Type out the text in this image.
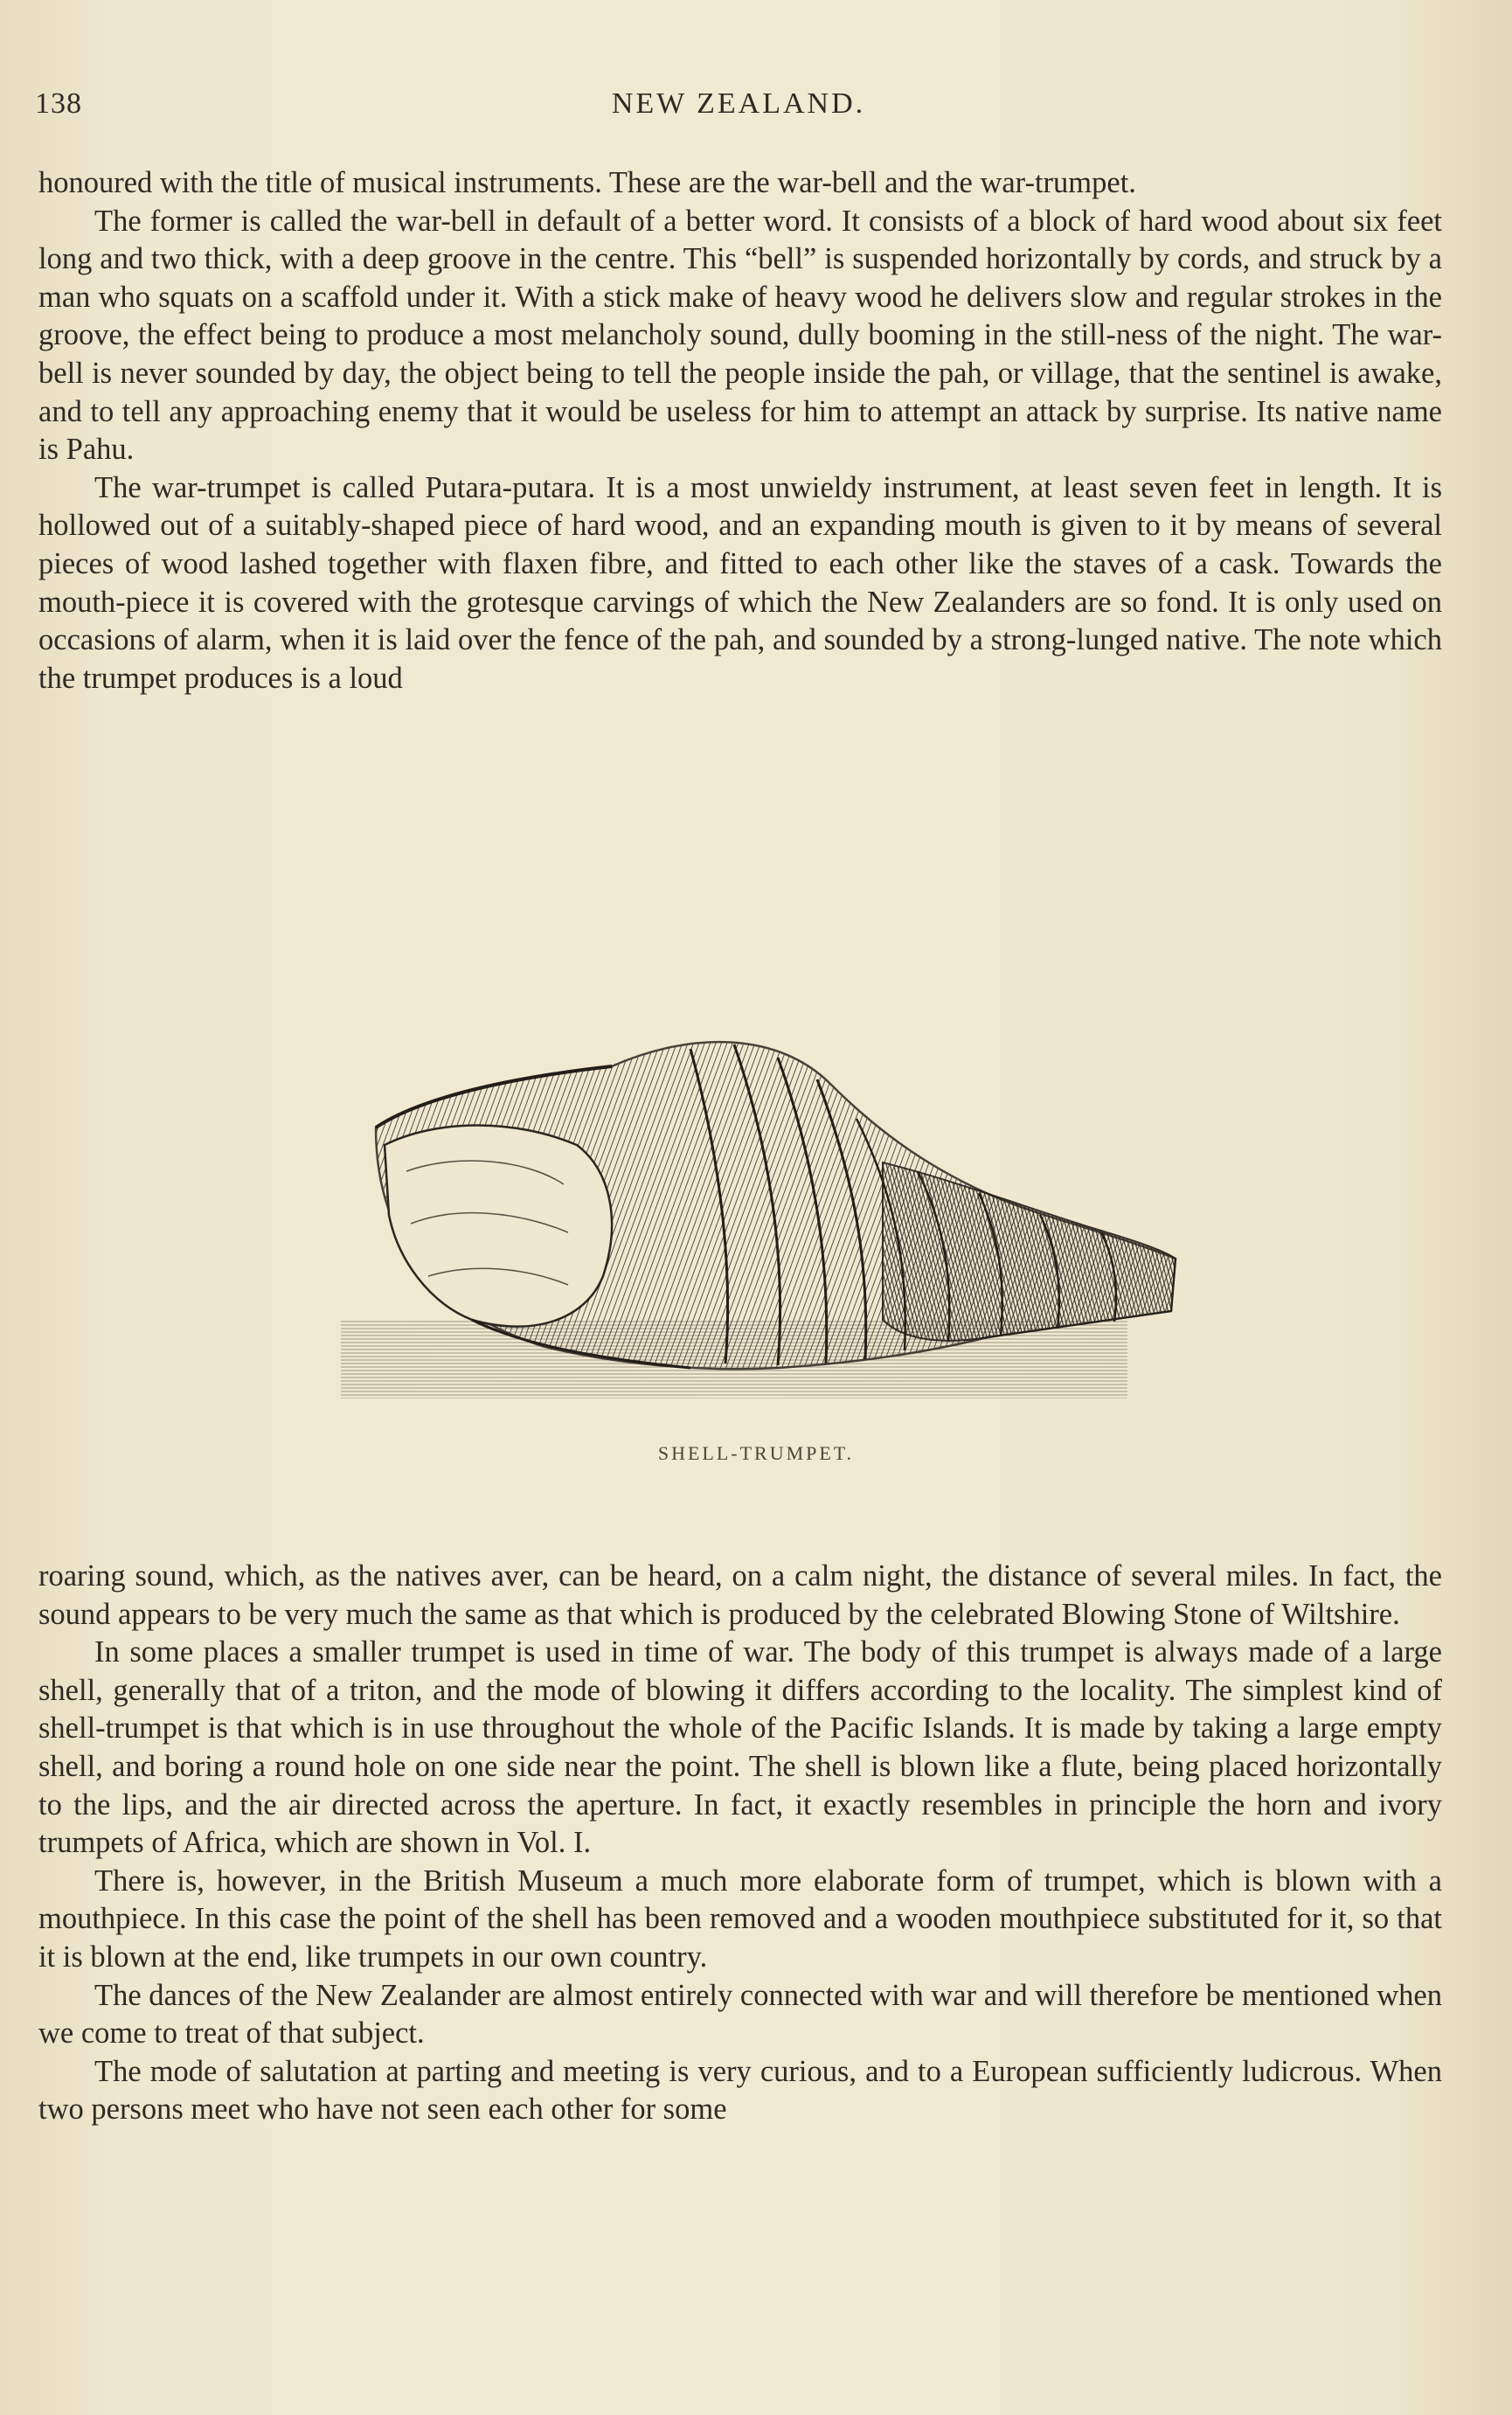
138	NEW ZEALAND.

honoured with the title of musical instruments. These are the war-bell and the war-trumpet.

The former is called the war-bell in default of a better word. It consists of a block of hard wood about six feet long and two thick, with a deep groove in the centre. This “bell” is suspended horizontally by cords, and struck by a man who squats on a scaffold under it. With a stick make of heavy wood he delivers slow and regular strokes in the groove, the effect being to produce a most melancholy sound, dully booming in the still-ness of the night. The war-bell is never sounded by day, the object being to tell the people inside the pah, or village, that the sentinel is awake, and to tell any approaching enemy that it would be useless for him to attempt an attack by surprise. Its native name is Pahu.

The war-trumpet is called Putara-putara. It is a most unwieldy instrument, at least seven feet in length. It is hollowed out of a suitably-shaped piece of hard wood, and an expanding mouth is given to it by means of several pieces of wood lashed together with flaxen fibre, and fitted to each other like the staves of a cask. Towards the mouth-piece it is covered with the grotesque carvings of which the New Zealanders are so fond. It is only used on occasions of alarm, when it is laid over the fence of the pah, and sounded by a strong-lunged native. The note which the trumpet produces is a loud

SHELL-TRUMPET.

roaring sound, which, as the natives aver, can be heard, on a calm night, the distance of several miles. In fact, the sound appears to be very much the same as that which is produced by the celebrated Blowing Stone of Wiltshire.

In some places a smaller trumpet is used in time of war. The body of this trumpet is always made of a large shell, generally that of a triton, and the mode of blowing it differs according to the locality. The simplest kind of shell-trumpet is that which is in use throughout the whole of the Pacific Islands. It is made by taking a large empty shell, and boring a round hole on one side near the point. The shell is blown like a flute, being placed horizontally to the lips, and the air directed across the aperture. In fact, it exactly resembles in principle the horn and ivory trumpets of Africa, which are shown in Vol. I.

There is, however, in the British Museum a much more elaborate form of trumpet, which is blown with a mouthpiece. In this case the point of the shell has been removed and a wooden mouthpiece substituted for it, so that it is blown at the end, like trumpets in our own country.

The dances of the New Zealander are almost entirely connected with war and will therefore be mentioned when we come to treat of that subject.

The mode of salutation at parting and meeting is very curious, and to a European sufficiently ludicrous. When two persons meet who have not seen each other for some
